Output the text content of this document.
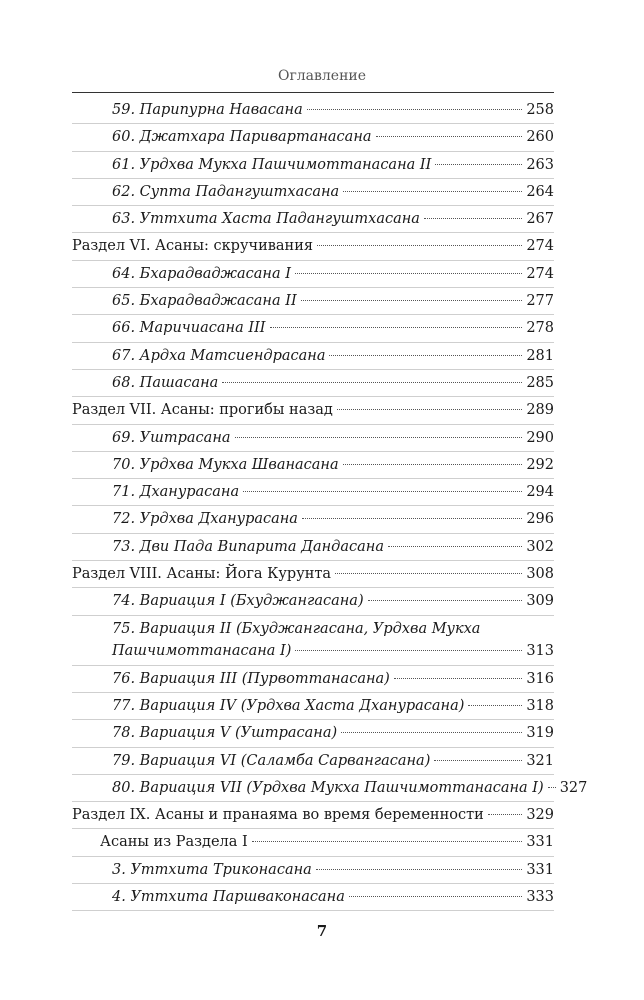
Оглавление
59. Парипурна Навасана	258
60. Джатхара Паривартанасана	260
61. Урдхва Мукха Пашчимоттанасана II	263
62. Супта Падангуштхасана	264
63. Уттхита Хаста Падангуштхасана	267
Раздел VI. Асаны: скручивания	274
64. Бхарадваджасана I	274
65. Бхарадваджасана II	277
66. Маричиасана III	278
67. Ардха Матсиендрасана	281
68. Пашасана	285
Раздел VII. Асаны: прогибы назад	289
69. Уштрасана	290
70. Урдхва Мукха Шванасана	292
71. Дханурасана	294
72. Урдхва Дханурасана	296
73. Дви Пада Випарита Дандасана	302
Раздел VIII. Асаны: Йога Курунта	308
74. Вариация I (Бхуджангасана)	309
75. Вариация II (Бхуджангасана, Урдхва Мукха
Пашчимоттанасана I)	313
76. Вариация III (Пурвоттанасана)	316
77. Вариация IV (Урдхва Хаста Дханурасана)	318
78. Вариация V (Уштрасана)	319
79. Вариация VI (Саламба Сарвангасана)	321
80. Вариация VII (Урдхва Мукха Пашчимоттанасана I) 327
Раздел IX. Асаны и пранаяма во время беременности	329
Асаны из Раздела I	331
3. Уттхита Триконасана	331
4. Уттхита Паршваконасана	333
7
